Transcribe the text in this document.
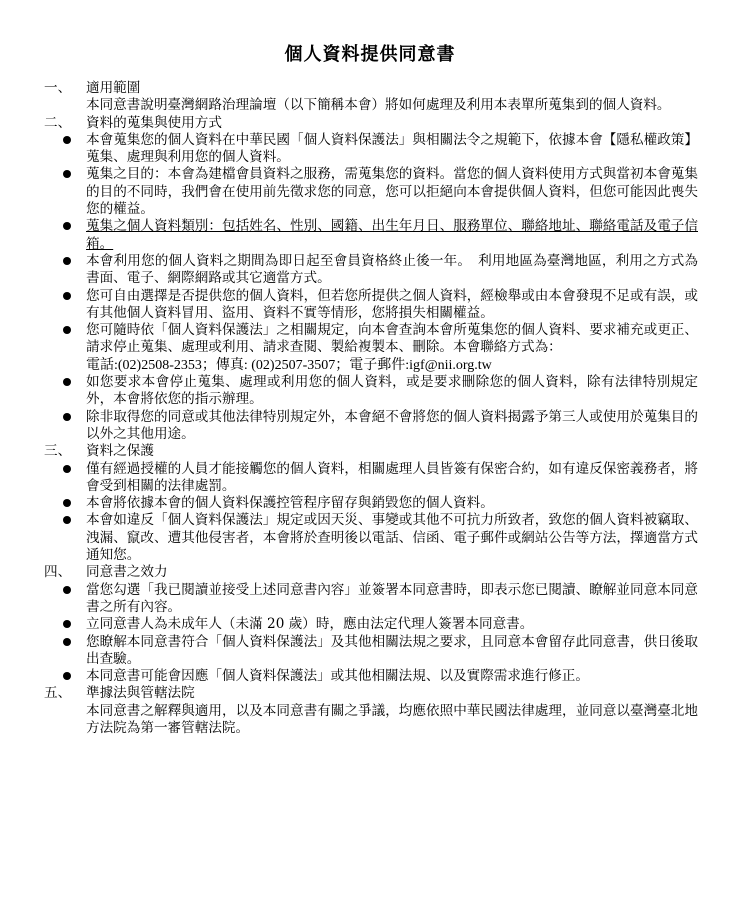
個人資料提供同意書
一、	適用範圍
本同意書說明臺灣網路治理論壇（以下簡稱本會）將如何處理及利用本表單所蒐集到的個人資料。
二、	資料的蒐集與使用方式
本會蒐集您的個人資料在中華民國「個人資料保護法」與相關法令之規範下，依據本會【隱私權政策】蒐集、處理與利用您的個人資料。
蒐集之目的：本會為建檔會員資料之服務，需蒐集您的資料。當您的個人資料使用方式與當初本會蒐集的目的不同時，我們會在使用前先徵求您的同意，您可以拒絕向本會提供個人資料，但您可能因此喪失您的權益。
蒐集之個人資料類別：包括姓名、性別、國籍、出生年月日、服務單位、聯絡地址、聯絡電話及電子信箱。
本會利用您的個人資料之期間為即日起至會員資格終止後一年。　利用地區為臺灣地區，利用之方式為書面、電子、網際網路或其它適當方式。
您可自由選擇是否提供您的個人資料，但若您所提供之個人資料，經檢舉或由本會發現不足或有誤，或有其他個人資料冒用、盜用、資料不實等情形，您將損失相關權益。
您可隨時依「個人資料保護法」之相關規定，向本會查詢本會所蒐集您的個人資料、要求補充或更正、請求停止蒐集、處理或利用、請求查閱、製給複製本、刪除。本會聯絡方式為：
電話:(02)2508-2353；傳真: (02)2507-3507；電子郵件:igf@nii.org.tw
如您要求本會停止蒐集、處理或利用您的個人資料，或是要求刪除您的個人資料，除有法律特別規定外，本會將依您的指示辦理。
除非取得您的同意或其他法律特別規定外，本會絕不會將您的個人資料揭露予第三人或使用於蒐集目的以外之其他用途。
三、	資料之保護
僅有經過授權的人員才能接觸您的個人資料，相關處理人員皆簽有保密合約，如有違反保密義務者，將會受到相關的法律處罰。
本會將依據本會的個人資料保護控管程序留存與銷毀您的個人資料。
本會如違反「個人資料保護法」規定或因天災、事變或其他不可抗力所致者，致您的個人資料被竊取、洩漏、竄改、遭其他侵害者，本會將於查明後以電話、信函、電子郵件或網站公告等方法，擇適當方式通知您。
四、	同意書之效力
當您勾選「我已閱讀並接受上述同意書內容」並簽署本同意書時，即表示您已閱讀、瞭解並同意本同意書之所有內容。
立同意書人為未成年人（未滿 20 歲）時，應由法定代理人簽署本同意書。
您瞭解本同意書符合「個人資料保護法」及其他相關法規之要求，且同意本會留存此同意書，供日後取出查驗。
本同意書可能會因應「個人資料保護法」或其他相關法規、以及實際需求進行修正。
五、	準據法與管轄法院
本同意書之解釋與適用，以及本同意書有關之爭議，均應依照中華民國法律處理，並同意以臺灣臺北地方法院為第一審管轄法院。
